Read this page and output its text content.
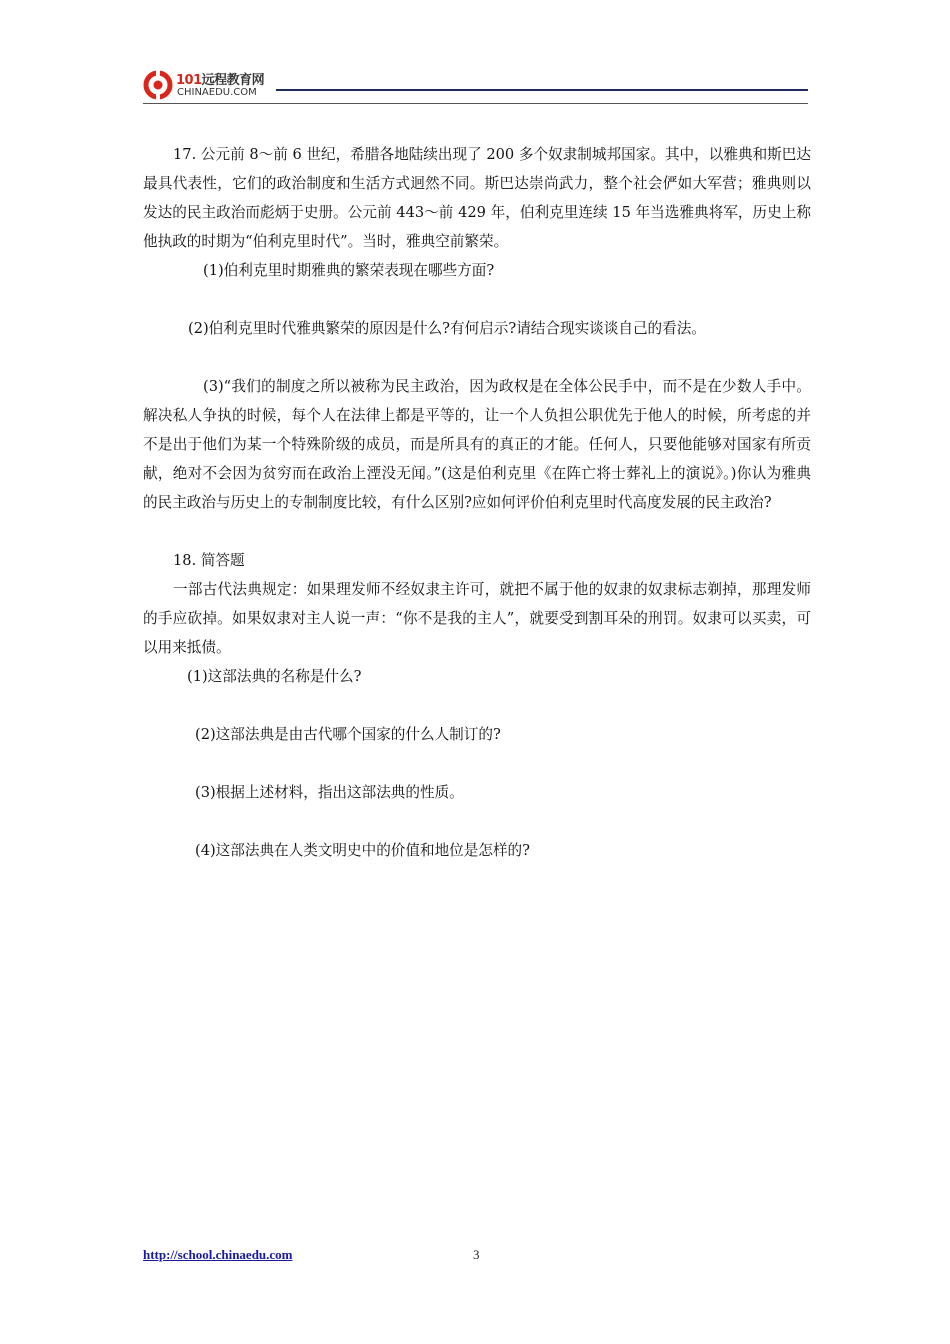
101远程教育网
CHINAEDU.COM

17. 公元前 8～前 6 世纪，希腊各地陆续出现了 200 多个奴隶制城邦国家。其中，以雅典和斯巴达最具代表性，它们的政治制度和生活方式迥然不同。斯巴达崇尚武力，整个社会俨如大军营；雅典则以发达的民主政治而彪炳于史册。公元前 443～前 429 年，伯利克里连续 15 年当选雅典将军，历史上称他执政的时期为“伯利克里时代”。当时，雅典空前繁荣。

(1)伯利克里时期雅典的繁荣表现在哪些方面?

(2)伯利克里时代雅典繁荣的原因是什么?有何启示?请结合现实谈谈自己的看法。

(3)“我们的制度之所以被称为民主政治，因为政权是在全体公民手中，而不是在少数人手中。解决私人争执的时候，每个人在法律上都是平等的，让一个人负担公职优先于他人的时候，所考虑的并不是出于他们为某一个特殊阶级的成员，而是所具有的真正的才能。任何人，只要他能够对国家有所贡献，绝对不会因为贫穷而在政治上湮没无闻。”(这是伯利克里《在阵亡将士葬礼上的演说》。)你认为雅典的民主政治与历史上的专制制度比较，有什么区别?应如何评价伯利克里时代高度发展的民主政治?

18. 简答题

一部古代法典规定：如果理发师不经奴隶主许可，就把不属于他的奴隶的奴隶标志剃掉，那理发师的手应砍掉。如果奴隶对主人说一声：“你不是我的主人”，就要受到割耳朵的刑罚。奴隶可以买卖，可以用来抵债。

(1)这部法典的名称是什么?

(2)这部法典是由古代哪个国家的什么人制订的?

(3)根据上述材料，指出这部法典的性质。

(4)这部法典在人类文明史中的价值和地位是怎样的?

http://school.chinaedu.com	3
